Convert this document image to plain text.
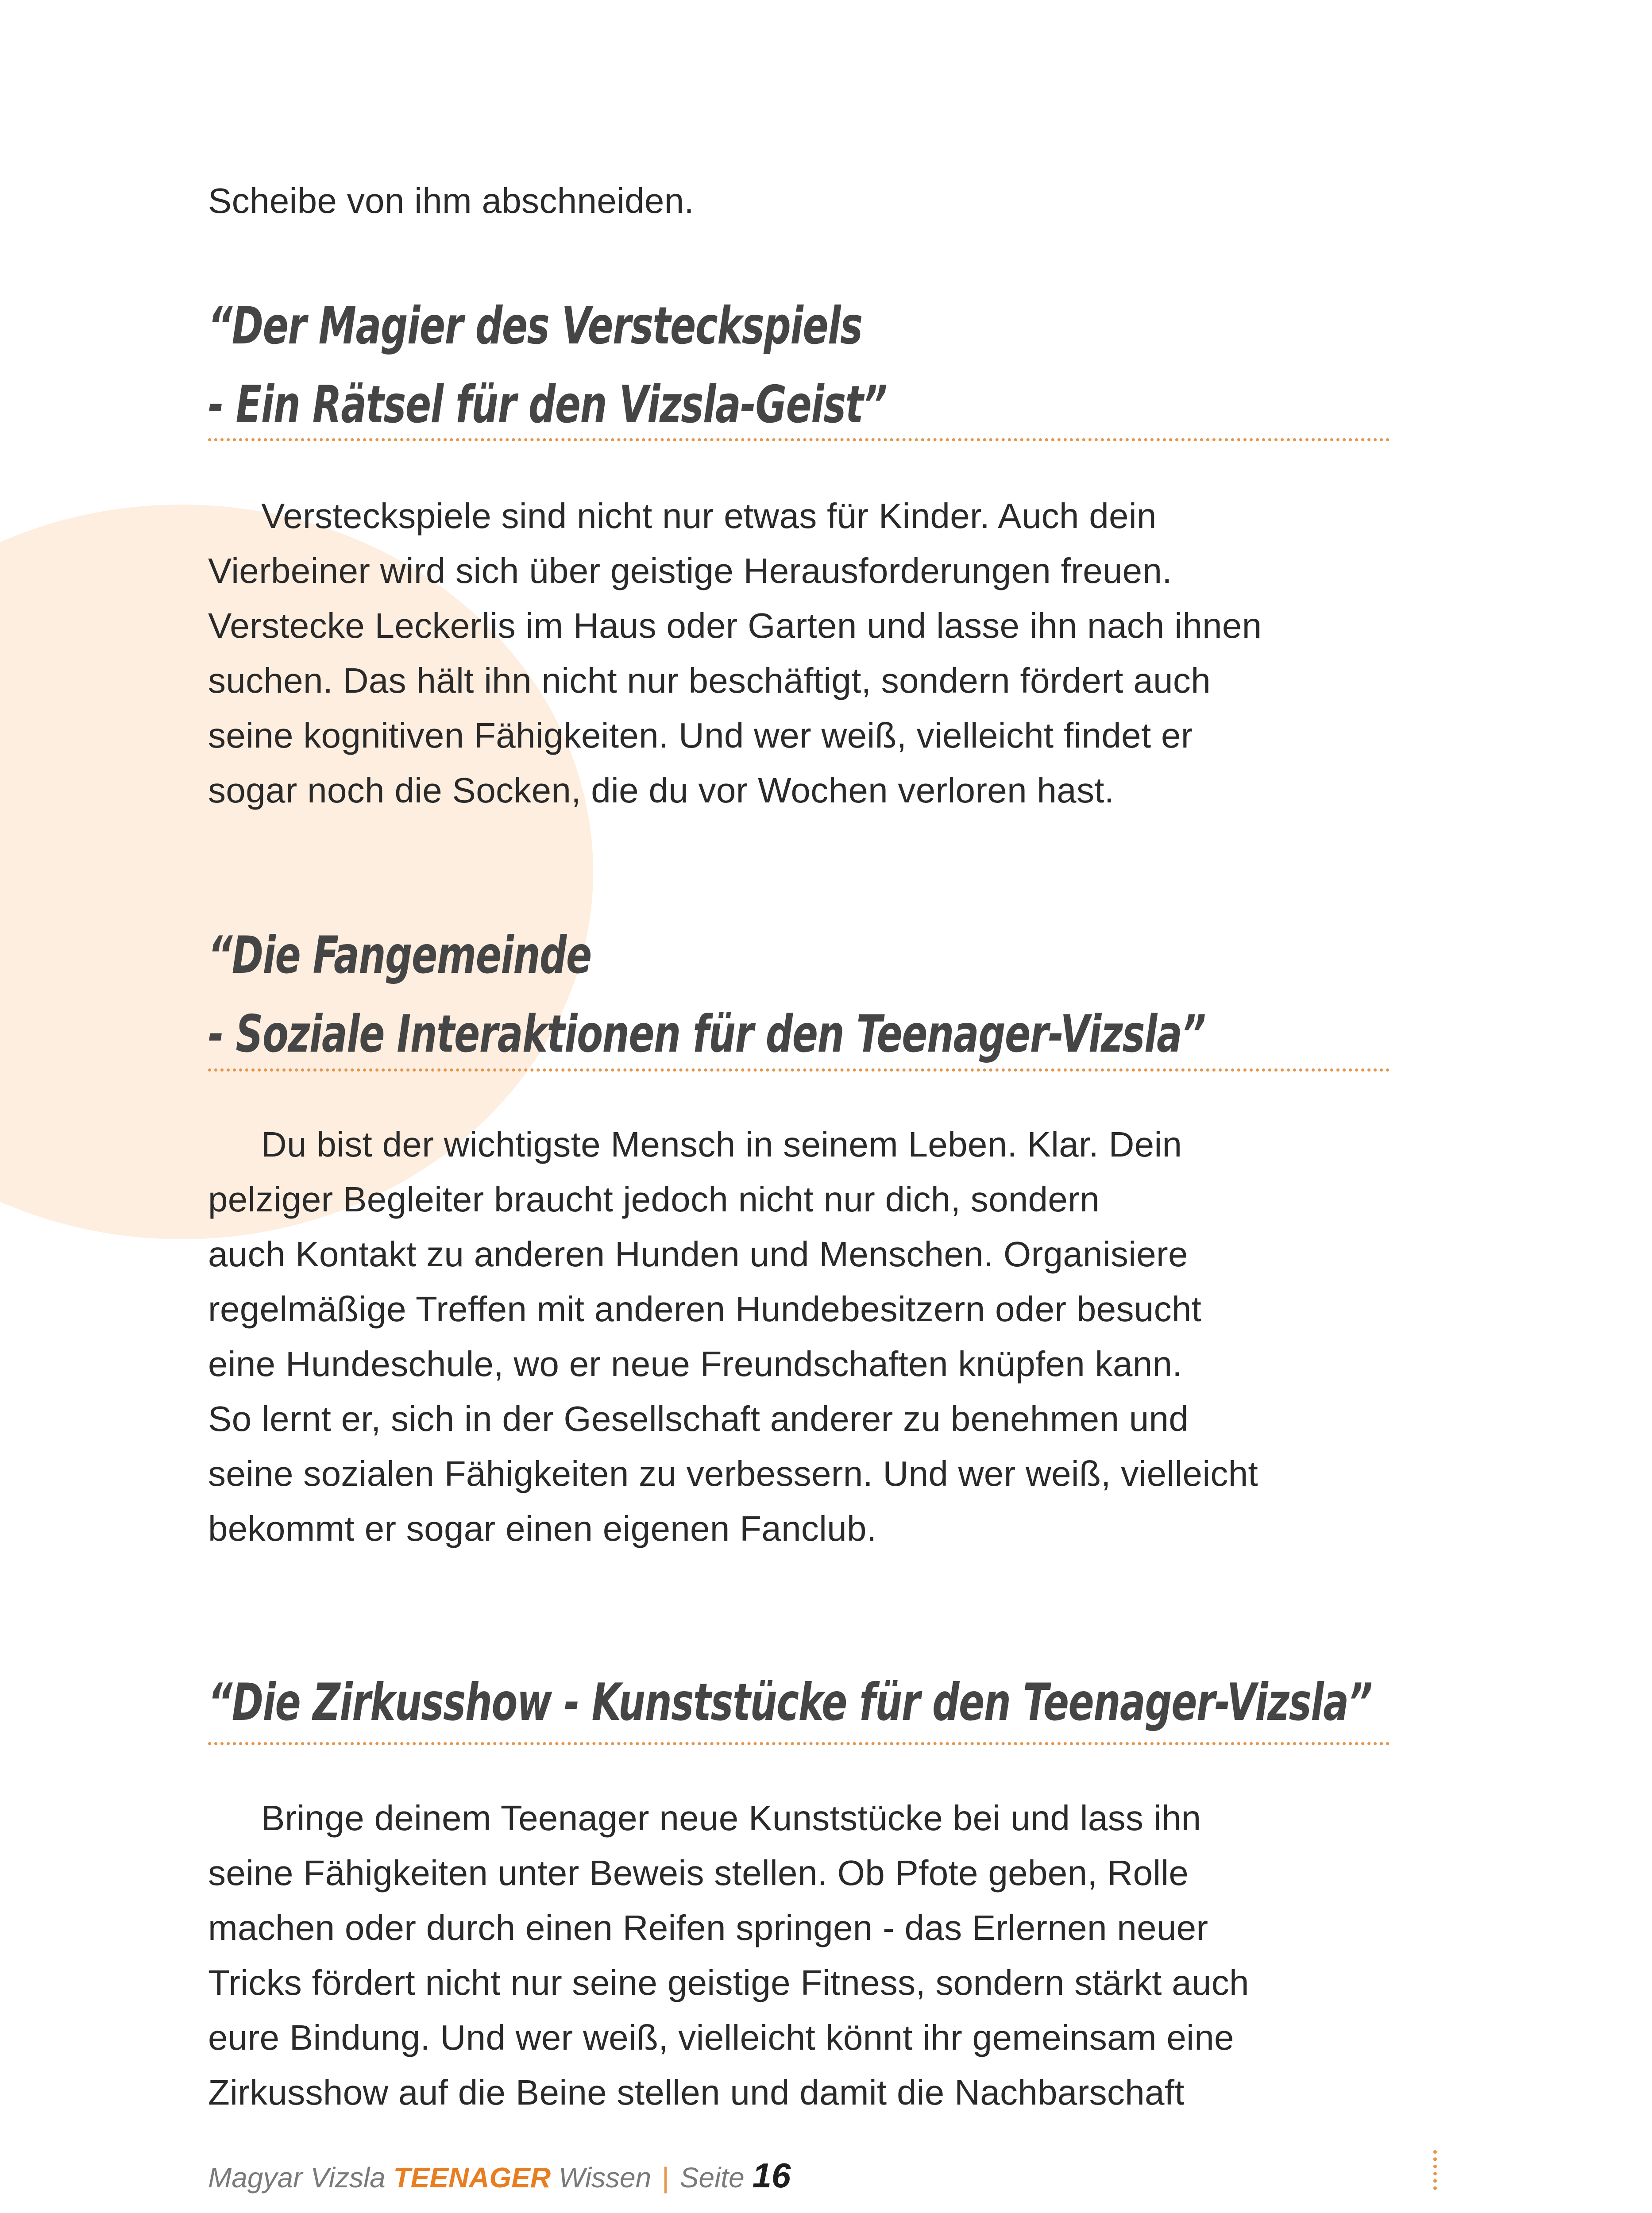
Scheibe von ihm abschneiden.

“Der Magier des Versteckspiels
- Ein Rätsel für den Vizsla-Geist”
Versteckspiele sind nicht nur etwas für Kinder. Auch dein
Vierbeiner wird sich über geistige Herausforderungen freuen.
Verstecke Leckerlis im Haus oder Garten und lasse ihn nach ihnen
suchen. Das hält ihn nicht nur beschäftigt, sondern fördert auch
seine kognitiven Fähigkeiten. Und wer weiß, vielleicht findet er
sogar noch die Socken, die du vor Wochen verloren hast.
“Die Fangemeinde
- Soziale Interaktionen für den Teenager-Vizsla”
Du bist der wichtigste Mensch in seinem Leben. Klar. Dein
pelziger Begleiter braucht jedoch nicht nur dich, sondern
auch Kontakt zu anderen Hunden und Menschen. Organisiere
regelmäßige Treffen mit anderen Hundebesitzern oder besucht
eine Hundeschule, wo er neue Freundschaften knüpfen kann.
So lernt er, sich in der Gesellschaft anderer zu benehmen und
seine sozialen Fähigkeiten zu verbessern. Und wer weiß, vielleicht
bekommt er sogar einen eigenen Fanclub.
“Die Zirkusshow - Kunststücke für den Teenager-Vizsla”
Bringe deinem Teenager neue Kunststücke bei und lass ihn
seine Fähigkeiten unter Beweis stellen. Ob Pfote geben, Rolle
machen oder durch einen Reifen springen - das Erlernen neuer
Tricks fördert nicht nur seine geistige Fitness, sondern stärkt auch
eure Bindung. Und wer weiß, vielleicht könnt ihr gemeinsam eine
Zirkusshow auf die Beine stellen und damit die Nachbarschaft
Magyar Vizsla TEENAGER Wissen | Seite 16
